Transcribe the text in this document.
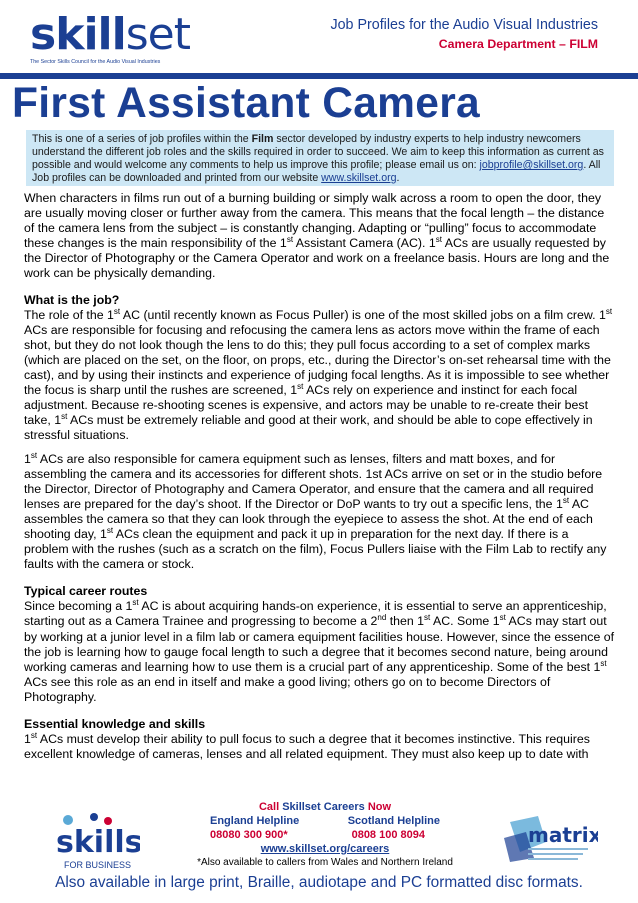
skillset
The Sector Skills Council for the Audio Visual Industries
Job Profiles for the Audio Visual Industries
Camera Department – FILM
First Assistant Camera
This is one of a series of job profiles within the Film sector developed by industry experts to help industry newcomers understand the different job roles and the skills required in order to succeed. We aim to keep this information as current as possible and would welcome any comments to help us improve this profile; please email us on: jobprofile@skillset.org. All Job profiles can be downloaded and printed from our website www.skillset.org.

When characters in films run out of a burning building or simply walk across a room to open the door, they are usually moving closer or further away from the camera. This means that the focal length – the distance of the camera lens from the subject – is constantly changing. Adapting or “pulling” focus to accommodate these changes is the main responsibility of the 1st Assistant Camera (AC). 1st ACs are usually requested by the Director of Photography or the Camera Operator and work on a freelance basis. Hours are long and the work can be physically demanding.

What is the job?

The role of the 1st AC (until recently known as Focus Puller) is one of the most skilled jobs on a film crew. 1st ACs are responsible for focusing and refocusing the camera lens as actors move within the frame of each shot, but they do not look though the lens to do this; they pull focus according to a set of complex marks (which are placed on the set, on the floor, on props, etc., during the Director’s on-set rehearsal time with the cast), and by using their instincts and experience of judging focal lengths. As it is impossible to see whether the focus is sharp until the rushes are screened, 1st ACs rely on experience and instinct for each focal adjustment. Because re-shooting scenes is expensive, and actors may be unable to re-create their best take, 1st ACs must be extremely reliable and good at their work, and should be able to cope effectively in stressful situations.

1st ACs are also responsible for camera equipment such as lenses, filters and matt boxes, and for assembling the camera and its accessories for different shots. 1st ACs arrive on set or in the studio before the Director, Director of Photography and Camera Operator, and ensure that the camera and all required lenses are prepared for the day’s shoot. If the Director or DoP wants to try out a specific lens, the 1st AC assembles the camera so that they can look through the eyepiece to assess the shot. At the end of each shooting day, 1st ACs clean the equipment and pack it up in preparation for the next day. If there is a problem with the rushes (such as a scratch on the film), Focus Pullers liaise with the Film Lab to rectify any faults with the camera or stock.

Typical career routes

Since becoming a 1st AC is about acquiring hands-on experience, it is essential to serve an apprenticeship, starting out as a Camera Trainee and progressing to become a 2nd then 1st AC. Some 1st ACs may start out by working at a junior level in a film lab or camera equipment facilities house. However, since the essence of the job is learning how to gauge focal length to such a degree that it becomes second nature, being around working cameras and learning how to use them is a crucial part of any apprenticeship. Some of the best 1st ACs see this role as an end in itself and make a good living; others go on to become Directors of Photography.

Essential knowledge and skills

1st ACs must develop their ability to pull focus to such a degree that it becomes instinctive. This requires excellent knowledge of cameras, lenses and all related equipment. They must also keep up to date with

skills
FOR BUSINESS
Call Skillset Careers Now
England Helpline	Scotland Helpline
08080 300 900*	0808 100 8094
www.skillset.org/careers
*Also available to callers from Wales and Northern Ireland
matrix
Also available in large print, Braille, audiotape and PC formatted disc formats.
